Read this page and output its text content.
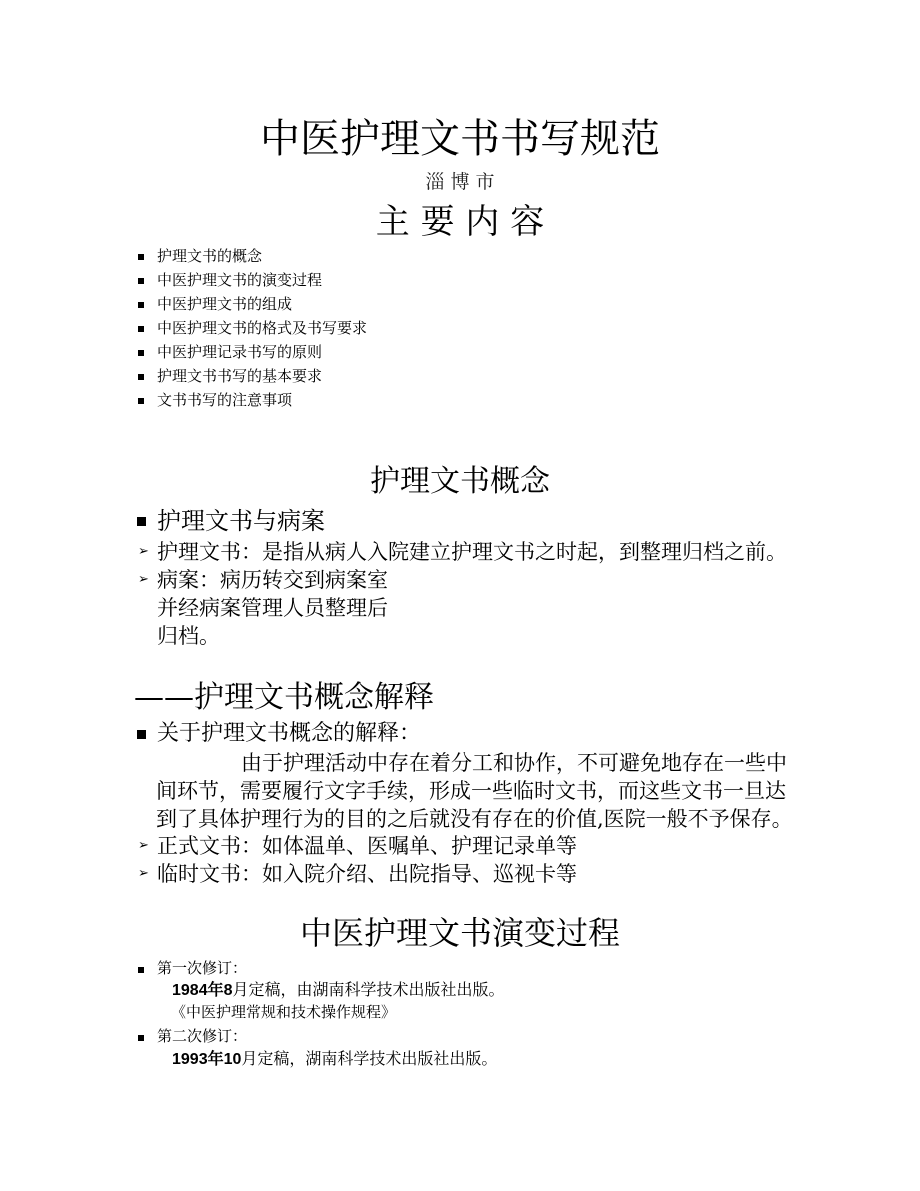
中医护理文书书写规范
淄 博 市
主 要 内 容
护理文书的概念
中医护理文书的演变过程
中医护理文书的组成
中医护理文书的格式及书写要求
中医护理记录书写的原则
护理文书书写的基本要求
文书书写的注意事项
护理文书概念
护理文书与病案
➢ 护理文书：是指从病人入院建立护理文书之时起，到整理归档之前。
➢ 病案：病历转交到病案室
并经病案管理人员整理后
归档。
——护理文书概念解释
关于护理文书概念的解释：
由于护理活动中存在着分工和协作，不可避免地存在一些中
间环节，需要履行文字手续，形成一些临时文书，而这些文书一旦达
到了具体护理行为的目的之后就没有存在的价值,医院一般不予保存。
➢ 正式文书：如体温单、医嘱单、护理记录单等
➢ 临时文书：如入院介绍、出院指导、巡视卡等
中医护理文书演变过程
第一次修订：
1984年8月定稿，由湖南科学技术出版社出版。
《中医护理常规和技术操作规程》
第二次修订：
1993年10月定稿，湖南科学技术出版社出版。
